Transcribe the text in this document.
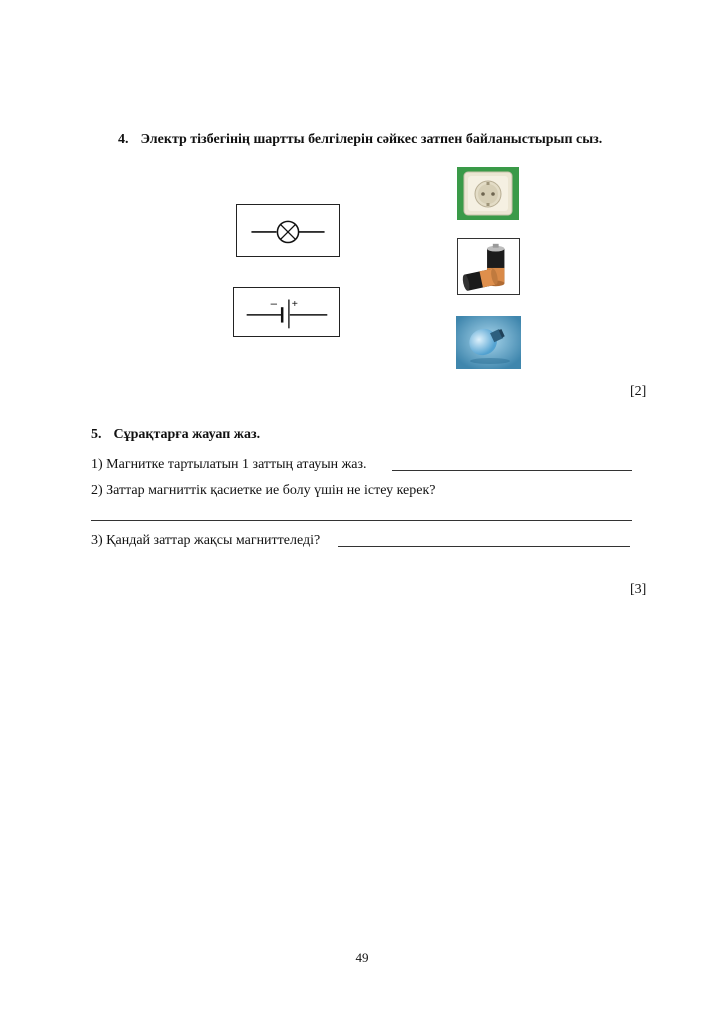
4. Электр тізбегінің шартты белгілерін сәйкес затпен байланыстырып сыз.
– +
[2]
5. Сұрақтарға жауап жаз.
1) Магнитке тартылатын 1 заттың атауын жаз.
2) Заттар магниттік қасиетке ие болу үшін не істеу керек?
3) Қандай заттар жақсы магниттеледі?
[3]
49
